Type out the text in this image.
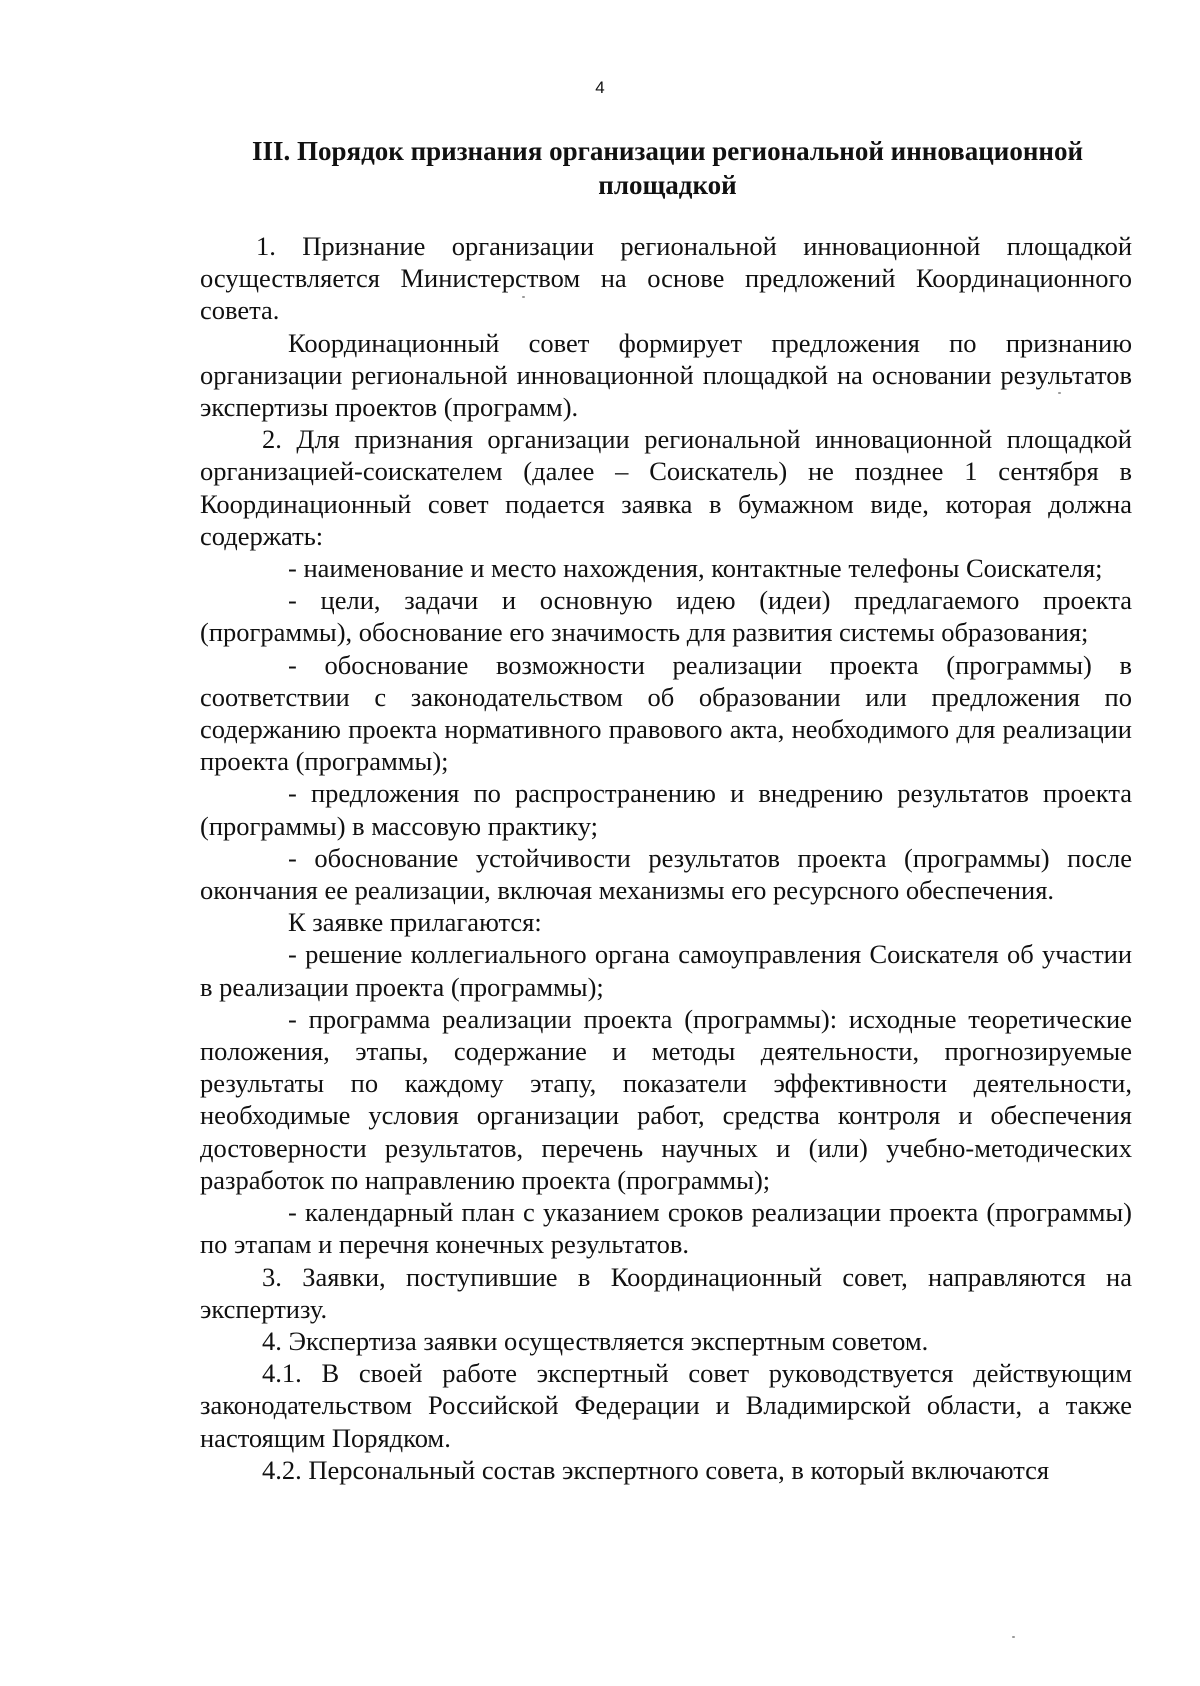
4
III. Порядок признания организации региональной инновационной
площадкой

1. Признание организации региональной инновационной площадкой осуществляется Министерством на основе предложений Координационного совета.

Координационный совет формирует предложения по признанию организации региональной инновационной площадкой на основании результатов экспертизы проектов (программ).

2. Для признания организации региональной инновационной площадкой организацией-соискателем (далее – Соискатель) не позднее 1 сентября в Координационный совет подается заявка в бумажном виде, которая должна содержать:

- наименование и место нахождения, контактные телефоны Соискателя;

- цели, задачи и основную идею (идеи) предлагаемого проекта (программы), обоснование его значимость для развития системы образования;

- обоснование возможности реализации проекта (программы) в соответствии с законодательством об образовании или предложения по содержанию проекта нормативного правового акта, необходимого для реализации проекта (программы);

- предложения по распространению и внедрению результатов проекта (программы) в массовую практику;

- обоснование устойчивости результатов проекта (программы) после окончания ее реализации, включая механизмы его ресурсного обеспечения.

К заявке прилагаются:

- решение коллегиального органа самоуправления Соискателя об участии в реализации проекта (программы);

- программа реализации проекта (программы): исходные теоретические положения, этапы, содержание и методы деятельности, прогнозируемые результаты по каждому этапу, показатели эффективности деятельности, необходимые условия организации работ, средства контроля и обеспечения достоверности результатов, перечень научных и (или) учебно-методических разработок по направлению проекта (программы);

- календарный план с указанием сроков реализации проекта (программы) по этапам и перечня конечных результатов.

3. Заявки, поступившие в Координационный совет, направляются на экспертизу.

4. Экспертиза заявки осуществляется экспертным советом.

4.1. В своей работе экспертный совет руководствуется действующим законодательством Российской Федерации и Владимирской области, а также настоящим Порядком.

4.2. Персональный состав экспертного совета, в который включаются
